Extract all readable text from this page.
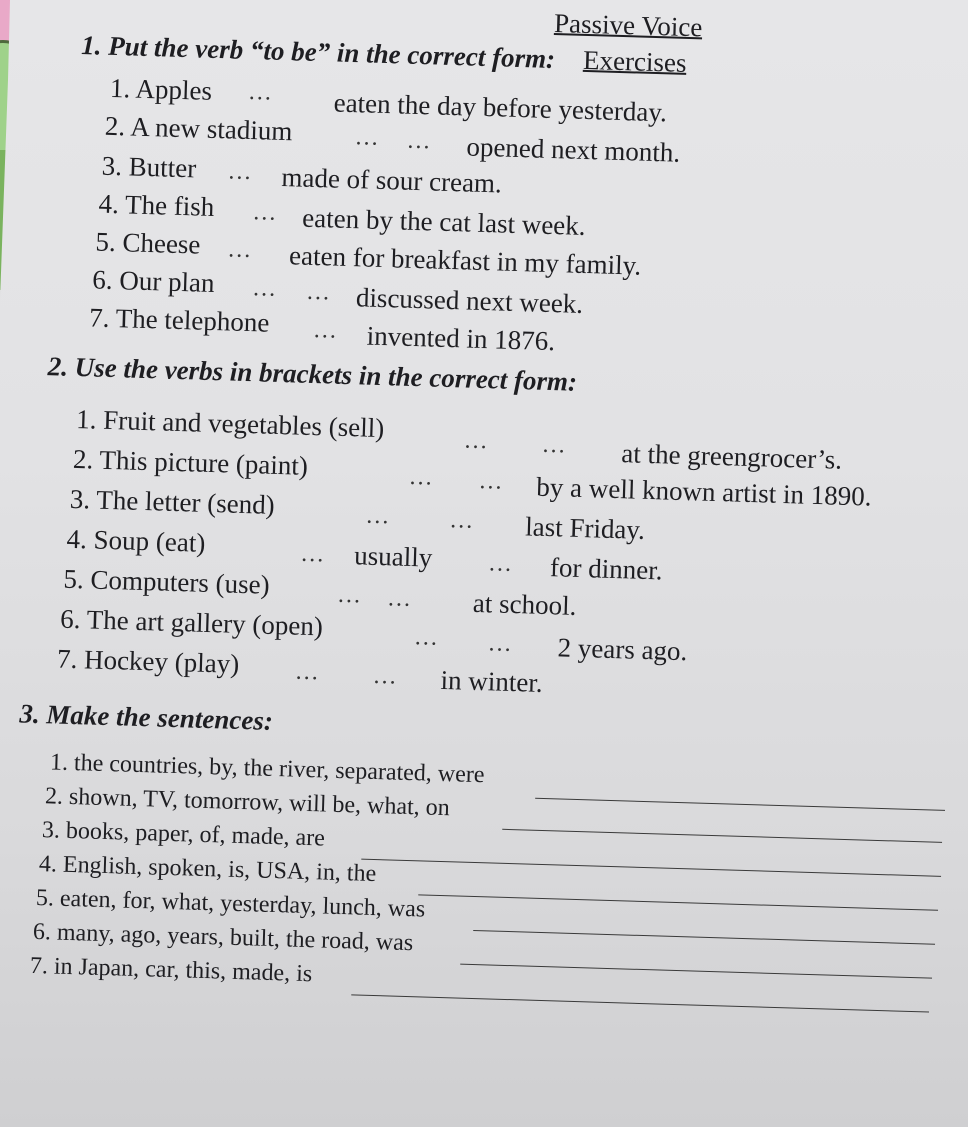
Passive Voice
Exercises
1. Put the verb “to be” in the correct form:
1. Apples … eaten the day before yesterday.
2. A new stadium	… … opened next month.
3. Butter … made of sour cream.
4. The fish … eaten by the cat last week.
5. Cheese … eaten for breakfast in my family.
6. Our plan … … discussed next week.
7. The telephone … invented in 1876.
2. Use the verbs in brackets in the correct form:
1. Fruit and vegetables (sell)	… … at the greengrocer’s.
2. This picture (paint)	… … by a well known artist in 1890.
3. The letter (send)	… … last Friday.
4. Soup (eat)	… usually … for dinner.
5. Computers (use)	… … at school.
6. The art gallery (open)	… … 2 years ago.
7. Hockey (play) … … in winter.
3. Make the sentences:
1. the countries, by, the river, separated, were
2. shown, TV, tomorrow, will be, what, on
3. books, paper, of, made, are
4. English, spoken, is, USA, in, the
5. eaten, for, what, yesterday, lunch, was
6. many, ago, years, built, the road, was
7. in Japan, car, this, made, is
